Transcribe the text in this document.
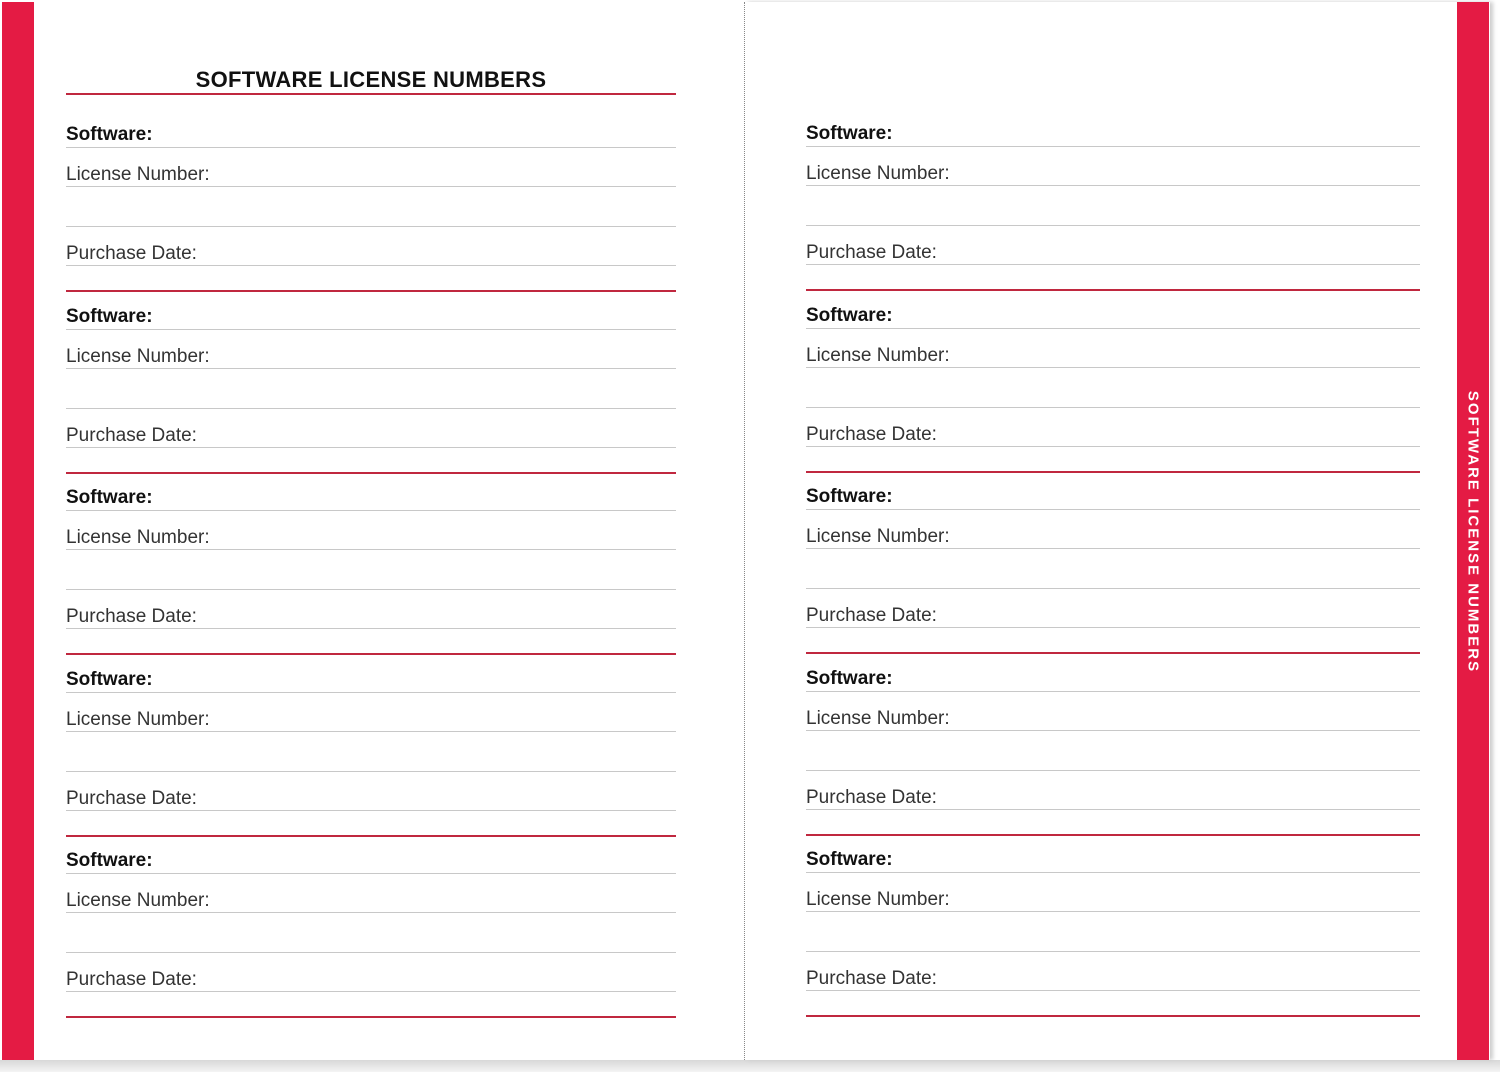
SOFTWARE LICENSE NUMBERS
SOFTWARE LICENSE NUMBERS
Software:
License Number:
Purchase Date:
Software:
License Number:
Purchase Date:
Software:
License Number:
Purchase Date:
Software:
License Number:
Purchase Date:
Software:
License Number:
Purchase Date:
Software:
License Number:
Purchase Date:
Software:
License Number:
Purchase Date:
Software:
License Number:
Purchase Date:
Software:
License Number:
Purchase Date:
Software:
License Number:
Purchase Date:
